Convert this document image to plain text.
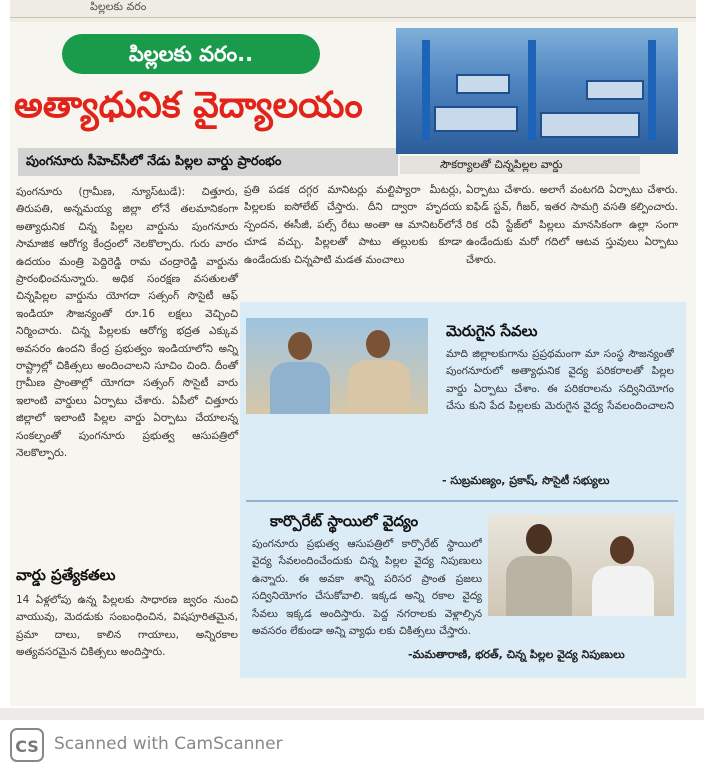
పిల్లలకు వరం
పిల్లలకు వరం..
అత్యాధునిక వైద్యాలయం
పుంగనూరు సీహెచ్‌సీలో నేడు పిల్లల వార్డు ప్రారంభం	సౌకర్యాలతో చిన్నపిల్లల వార్డు
పుంగనూరు (గ్రామీణ, న్యూస్‌టుడే): చిత్తూరు, తిరుపతి, అన్నమయ్య జిల్లా లోనే తలమానికంగా అత్యాధునిక చిన్న పిల్లల వార్డును పుంగనూరు సామాజిక ఆరోగ్య కేంద్రంలో నెలకొల్పారు. గురు వారం ఉదయం మంత్రి పెద్దిరెడ్డి రామ చంద్రారెడ్డి వార్డును ప్రారంభించనున్నారు. అధిక సంరక్షణ వసతులతో చిన్నపిల్లల వార్డును యోగదా సత్సంగ్ సొసైటీ ఆఫ్ ఇండియా సౌజన్యంతో రూ.16 లక్షలు వెచ్చించి నిర్మించారు. చిన్న పిల్లలకు ఆరోగ్య భద్రత ఎక్కువ అవసరం ఉందని కేంద్ర ప్రభుత్వం ఇండియాలోని అన్ని రాష్ట్రాల్లో చికిత్సలు అందించాలని సూచిం చింది. దీంతో గ్రామీణ ప్రాంతాల్లో యోగదా సత్సంగ్ సొసైటీ వారు ఇలాంటి వార్డులు ఏర్పాటు చేశారు. ఏపీలో చిత్తూరు జిల్లాలో ఇలాంటి పిల్లల వార్డు ఏర్పాటు చేయాలన్న సంకల్పంతో పుంగనూరు ప్రభుత్వ ఆసుపత్రిలో నెలకొల్పారు.
ప్రతి పడక దగ్గర మానిటర్లు మల్టిప్యారా మీటర్లు, పిల్లలకు ఐసోలేట్ చేస్తారు. దీని ద్వారా హృదయ స్పందన, ఈసీజీ, పల్స్ రేటు అంతా ఆ మానిటర్‌లోనే చూడ వచ్చు. పిల్లలతో పాటు తల్లులకు కూడా ఉండేందుకు చిన్నపాటి మడత మంచాలు
ఏర్పాటు చేశారు. అలాగే వంటగది ఏర్పాటు చేశారు. ఐఫిడ్ స్టవ్, గీజర్, ఇతర సామగ్రి వసతి కల్పించారు. రిక రవీ స్టేజ్‌లో పిల్లలు మానసికంగా ఉల్లా సంగా ఉండేందుకు మరో గదిలో ఆటవ స్తువులు ఏర్పాటు చేశారు.
వార్డు ప్రత్యేకతలు
14 ఏళ్లలోపు ఉన్న పిల్లలకు సాధారణ జ్వరం నుంచి వాయువు, మెదడుకు సంబంధించిన, విషపూరితమైన, ప్రమా దాలు, కాలిన గాయాలు, అన్నిరకాల అత్యవసరమైన చికిత్సలు అందిస్తారు.
మెరుగైన సేవలు
మాది జిల్లాలకుగాను ప్రప్రథమంగా మా సంస్థ సౌజన్యంతో పుంగనూరులో అత్యాధునిక వైద్య పరికరాలతో పిల్లల వార్డు ఏర్పాటు చేశాం. ఈ పరికరాలను సద్వినియోగం చేసు కుని పేద పిల్లలకు మెరుగైన వైద్య సేవలందించాలని
- సుబ్రమణ్యం, ప్రకాష్, సొసైటీ సభ్యులు
కార్పొరేట్ స్థాయిలో వైద్యం
పుంగనూరు ప్రభుత్వ ఆసుపత్రిలో కార్పొరేట్ స్థాయిలో వైద్య సేవలందించేందుకు చిన్న పిల్లల వైద్య నిపుణులు ఉన్నారు. ఈ అవకా శాన్ని పరిసర ప్రాంత ప్రజలు సద్వినియోగం చేసుకోవాలి. ఇక్కడ అన్ని రకాల వైద్య సేవలు ఇక్కడ అందిస్తారు. పెద్ద నగరాలకు వెళ్లాల్సిన అవసరం లేకుండా అన్ని వ్యాధు లకు చికిత్సలు చేస్తారు.
-మమతారాణి, భరత్, చిన్న పిల్లల వైద్య నిపుణులు
CS Scanned with CamScanner
